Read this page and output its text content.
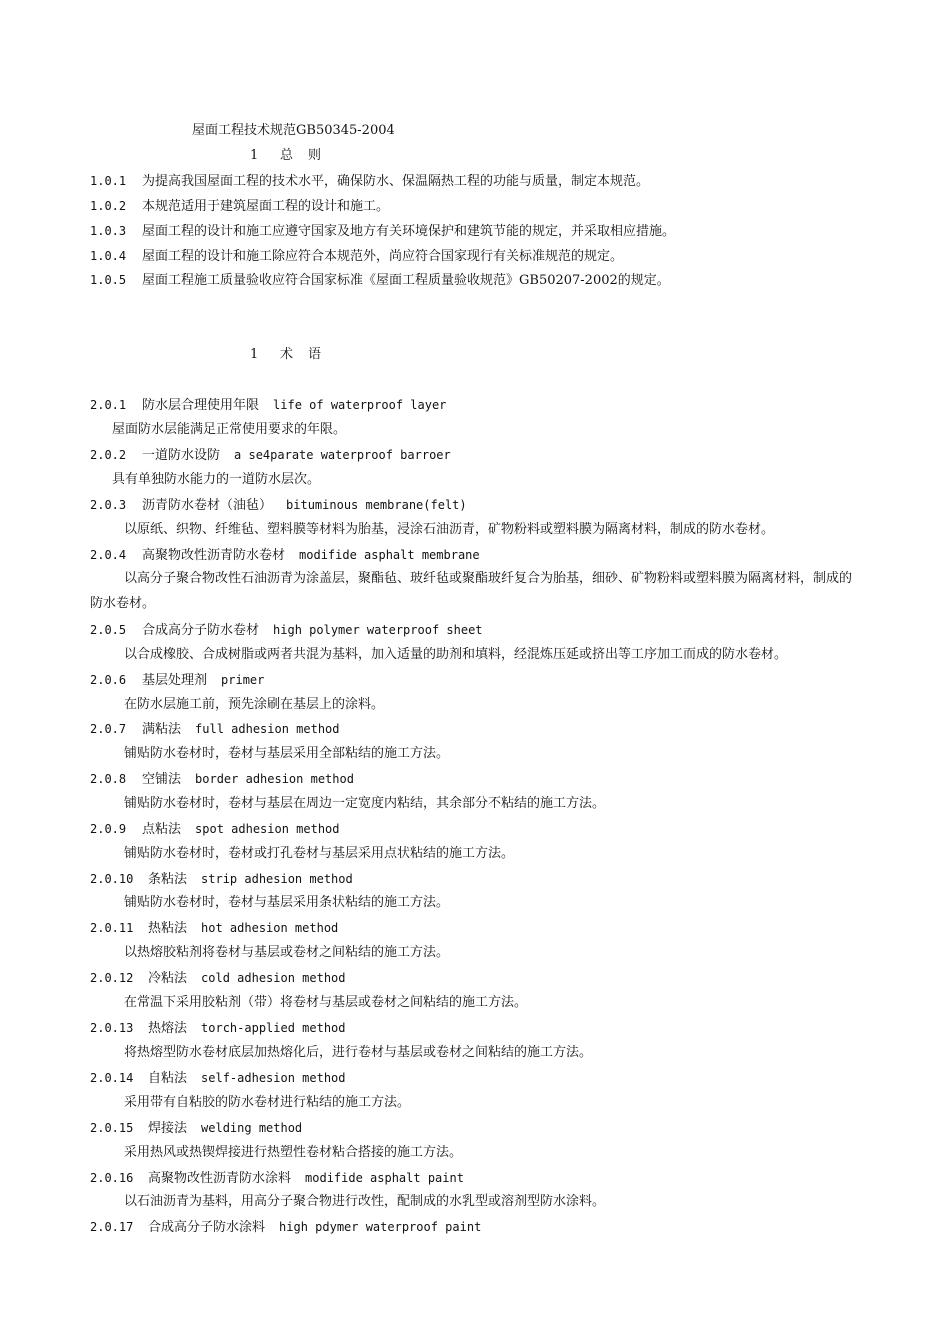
屋面工程技术规范GB50345-2004
1 总 则
1.0.1 为提高我国屋面工程的技术水平，确保防水、保温隔热工程的功能与质量，制定本规范。
1.0.2 本规范适用于建筑屋面工程的设计和施工。
1.0.3 屋面工程的设计和施工应遵守国家及地方有关环境保护和建筑节能的规定，并采取相应措施。
1.0.4 屋面工程的设计和施工除应符合本规范外，尚应符合国家现行有关标准规范的规定。
1.0.5 屋面工程施工质量验收应符合国家标准《屋面工程质量验收规范》GB50207-2002的规定。
1 术 语
2.0.1 防水层合理使用年限 life of waterproof layer
屋面防水层能满足正常使用要求的年限。
2.0.2 一道防水设防 a se4parate waterproof barroer
具有单独防水能力的一道防水层次。
2.0.3 沥青防水卷材（油毡） bituminous membrane(felt)
以原纸、织物、纤维毡、塑料膜等材料为胎基，浸涂石油沥青，矿物粉料或塑料膜为隔离材料，制成的防水卷材。
2.0.4 高聚物改性沥青防水卷材 modifide asphalt membrane
以高分子聚合物改性石油沥青为涂盖层，聚酯毡、玻纤毡或聚酯玻纤复合为胎基，细砂、矿物粉料或塑料膜为隔离材料，制成的防水卷材。
2.0.5 合成高分子防水卷材 high polymer waterproof sheet
以合成橡胶、合成树脂或两者共混为基料，加入适量的助剂和填料，经混炼压延或挤出等工序加工而成的防水卷材。
2.0.6 基层处理剂 primer
在防水层施工前，预先涂刷在基层上的涂料。
2.0.7 满粘法 full adhesion method
铺贴防水卷材时，卷材与基层采用全部粘结的施工方法。
2.0.8 空铺法 border adhesion method
铺贴防水卷材时，卷材与基层在周边一定宽度内粘结，其余部分不粘结的施工方法。
2.0.9 点粘法 spot adhesion method
铺贴防水卷材时，卷材或打孔卷材与基层采用点状粘结的施工方法。
2.0.10 条粘法 strip adhesion method
铺贴防水卷材时，卷材与基层采用条状粘结的施工方法。
2.0.11 热粘法 hot adhesion method
以热熔胶粘剂将卷材与基层或卷材之间粘结的施工方法。
2.0.12 冷粘法 cold adhesion method
在常温下采用胶粘剂（带）将卷材与基层或卷材之间粘结的施工方法。
2.0.13 热熔法 torch-applied method
将热熔型防水卷材底层加热熔化后，进行卷材与基层或卷材之间粘结的施工方法。
2.0.14 自粘法 self-adhesion method
采用带有自粘胶的防水卷材进行粘结的施工方法。
2.0.15 焊接法 welding method
采用热风或热锲焊接进行热塑性卷材粘合搭接的施工方法。
2.0.16 高聚物改性沥青防水涂料 modifide asphalt paint
以石油沥青为基料，用高分子聚合物进行改性，配制成的水乳型或溶剂型防水涂料。
2.0.17 合成高分子防水涂料 high pdymer waterproof paint
